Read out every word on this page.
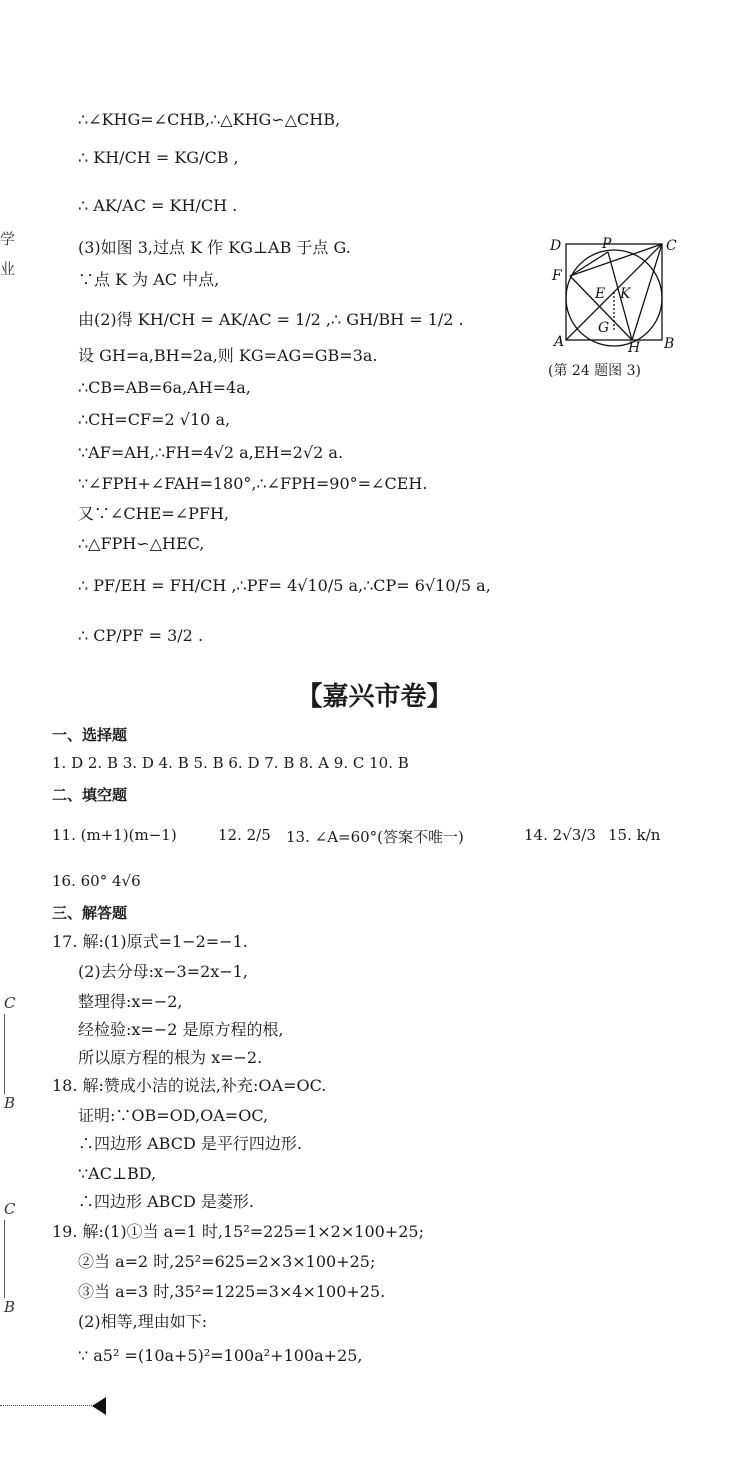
学
业
C
B
C
B
∴∠KHG=∠CHB,∴△KHG∽△CHB,
∴ KH/CH = KG/CB ,
∴ AK/AC = KH/CH .
(3)如图 3,过点 K 作 KG⊥AB 于点 G.
∵点 K 为 AC 中点,
由(2)得 KH/CH = AK/AC = 1/2 ,∴ GH/BH = 1/2 .
设 GH=a,BH=2a,则 KG=AG=GB=3a.
∴CB=AB=6a,AH=4a,
∴CH=CF=2 √10 a,
∵AF=AH,∴FH=4√2 a,EH=2√2 a.
∵∠FPH+∠FAH=180°,∴∠FPH=90°=∠CEH.
又∵∠CHE=∠PFH,
∴△FPH∽△HEC,
∴ PF/EH = FH/CH ,∴PF= 4√10/5 a,∴CP= 6√10/5 a,
∴ CP/PF = 3/2 .
D	P	C
F
E K
G
A	H B
(第 24 题图 3)
【嘉兴市卷】
一、选择题
1. D 2. B 3. D 4. B 5. B 6. D 7. B 8. A 9. C 10. B
二、填空题
11. (m+1)(m−1)	12. 2/5 13. ∠A=60°(答案不唯一)	14. 2√3/3 15. k/n
16. 60° 4√6
三、解答题
17. 解:(1)原式=1−2=−1.
(2)去分母:x−3=2x−1,
整理得:x=−2,
经检验:x=−2 是原方程的根,
所以原方程的根为 x=−2.
18. 解:赞成小洁的说法,补充:OA=OC.
证明:∵OB=OD,OA=OC,
∴四边形 ABCD 是平行四边形.
∵AC⊥BD,
∴四边形 ABCD 是菱形.
19. 解:(1)①当 a=1 时,15²=225=1×2×100+25;
②当 a=2 时,25²=625=2×3×100+25;
③当 a=3 时,35²=1225=3×4×100+25.
(2)相等,理由如下:
∵ a5² =(10a+5)²=100a²+100a+25,
